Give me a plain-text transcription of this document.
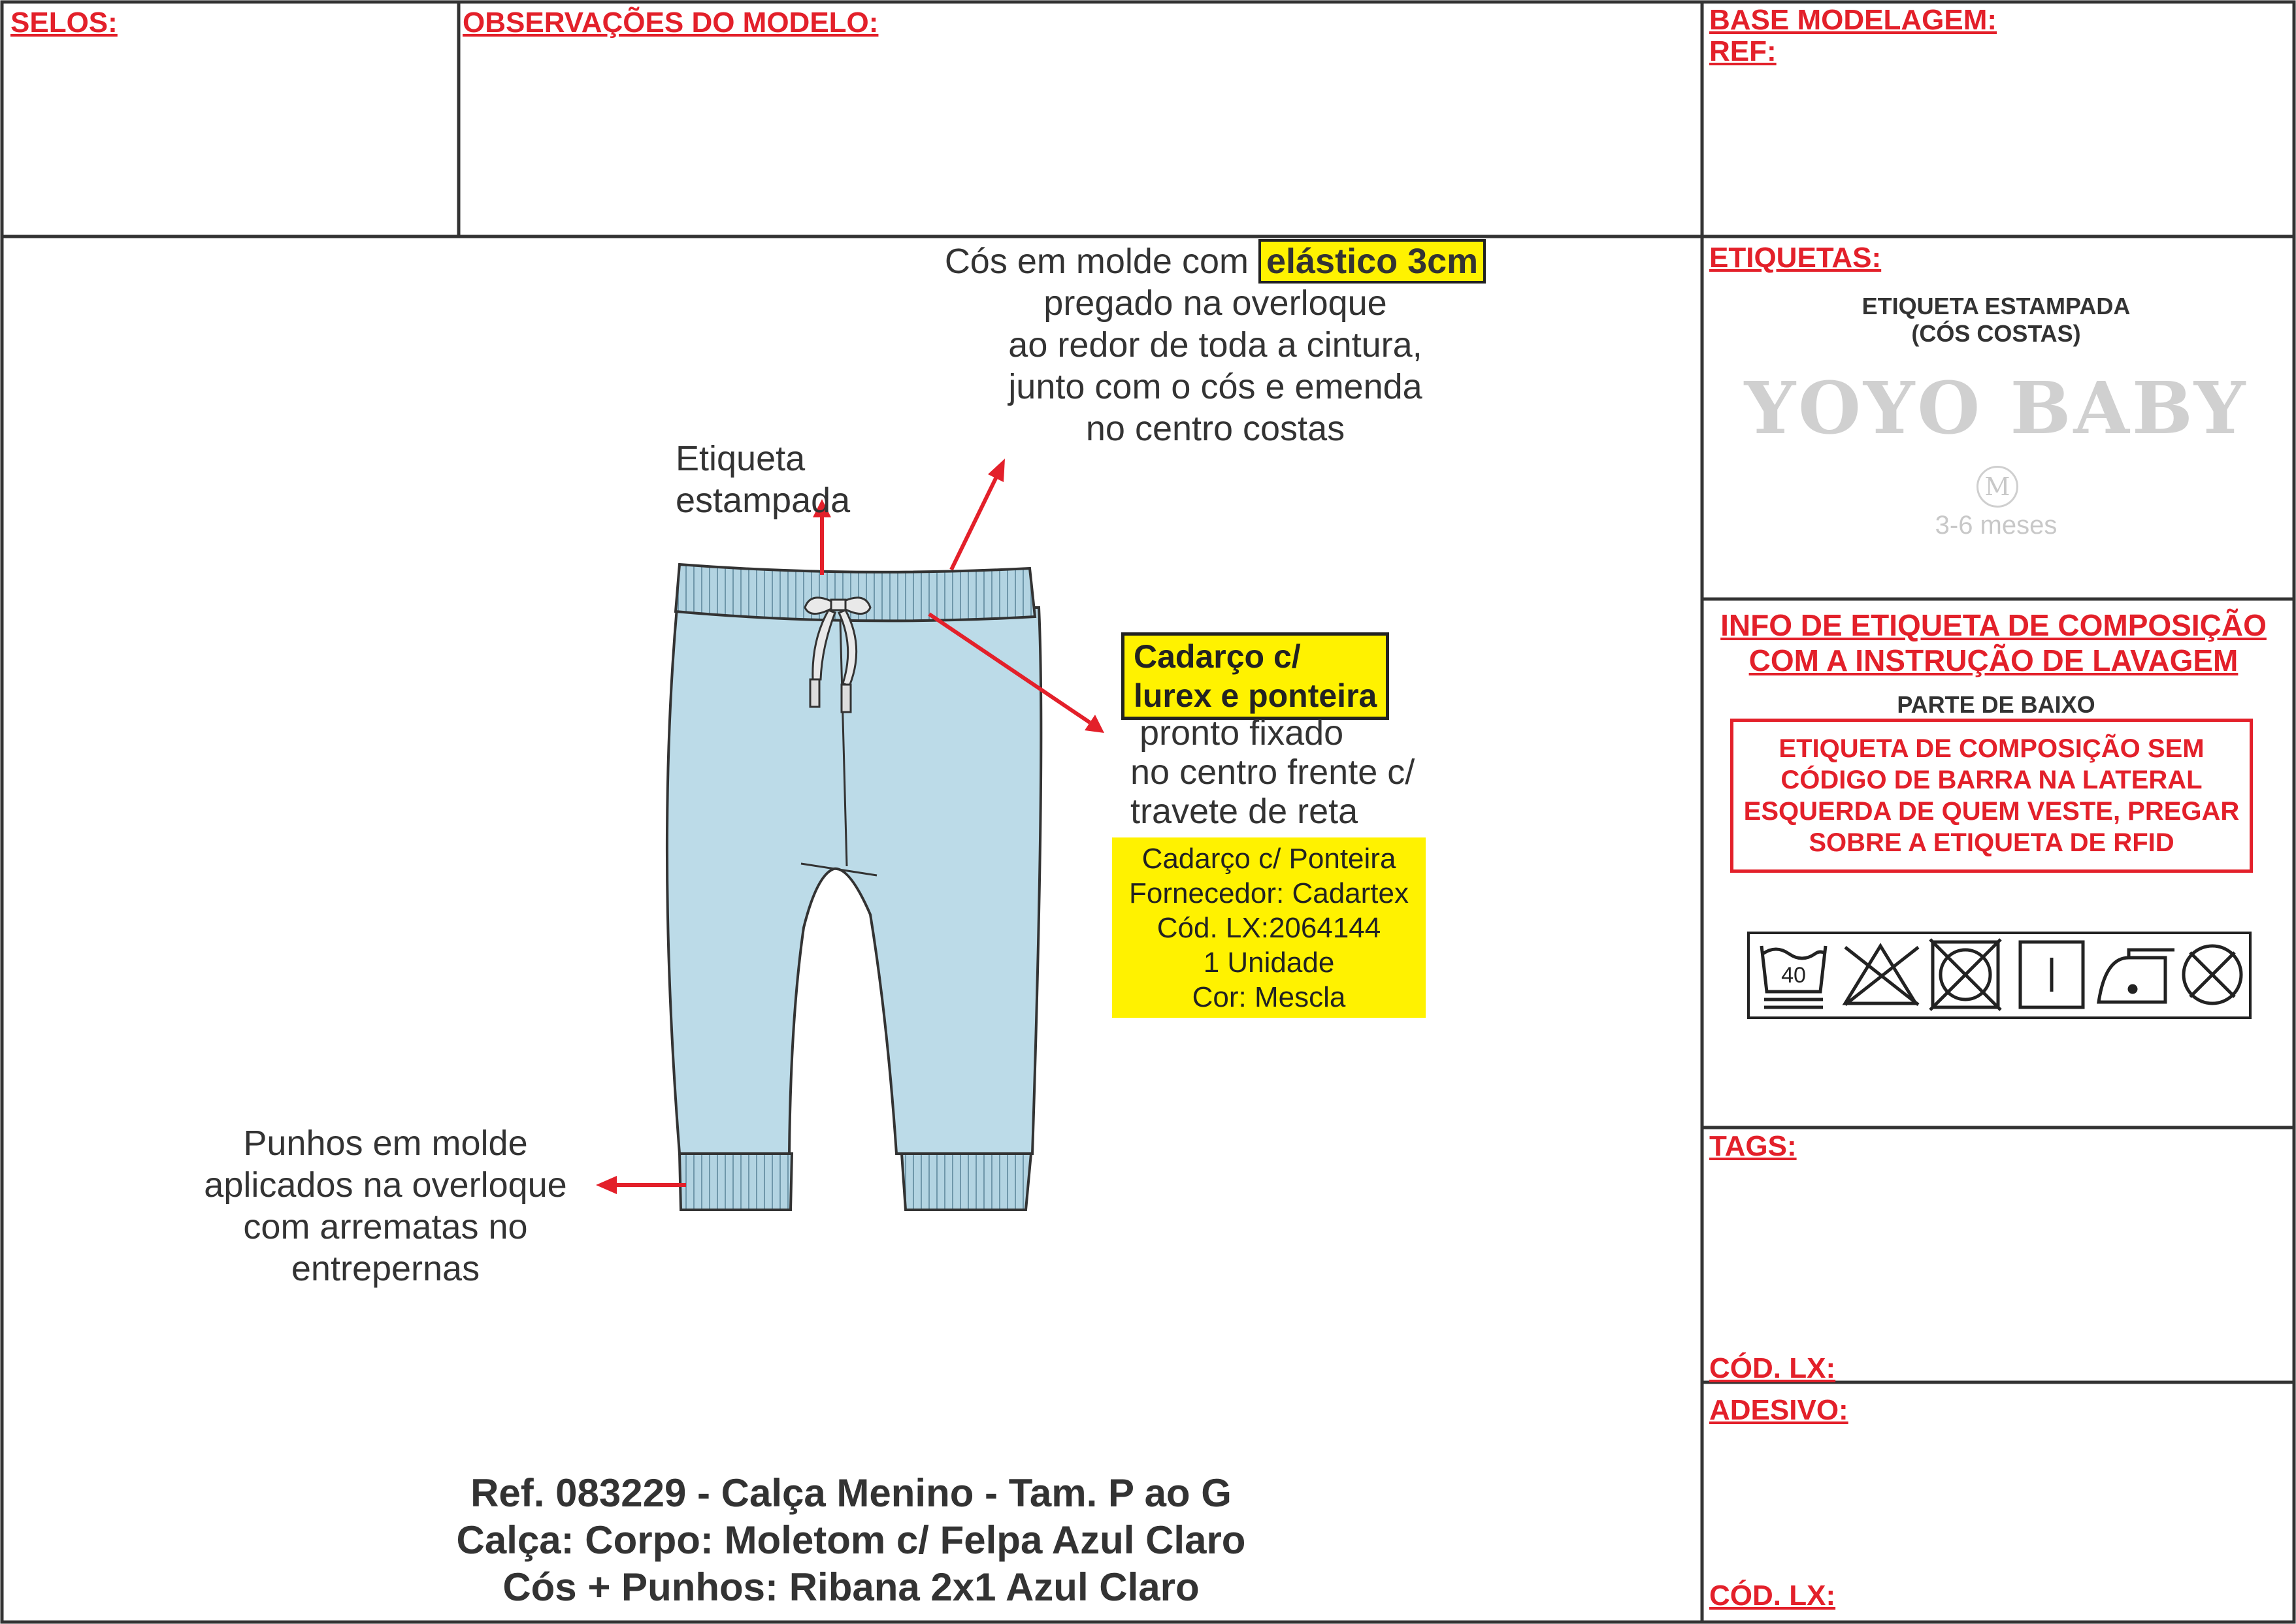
SELOS:	OBSERVAÇÕES DO MODELO:	BASE MODELAGEM:
REF:
ETIQUETAS:
ETIQUETA ESTAMPADA
(CÓS COSTAS)
YOYO BABY
M
3-6 meses
INFO DE ETIQUETA DE COMPOSIÇÃO
COM A INSTRUÇÃO DE LAVAGEM
PARTE DE BAIXO
ETIQUETA DE COMPOSIÇÃO SEM
CÓDIGO DE BARRA NA LATERAL
ESQUERDA DE QUEM VESTE, PREGAR
SOBRE A ETIQUETA DE RFID
40
TAGS:
CÓD. LX:
ADESIVO:
CÓD. LX:
Cós em molde com elástico 3cm
pregado na overloque
ao redor de toda a cintura,
junto com o cós e emenda
no centro costas
Etiqueta
estampada
Cadarço c/
lurex e ponteira
pronto fixado
no centro frente c/
travete de reta
Cadarço c/ Ponteira
Fornecedor: Cadartex
Cód. LX:2064144
1 Unidade
Cor: Mescla
Punhos em molde
aplicados na overloque
com arrematas no
entrepernas
Ref. 083229 - Calça Menino - Tam. P ao G
Calça: Corpo: Moletom c/ Felpa Azul Claro
Cós + Punhos: Ribana 2x1 Azul Claro
